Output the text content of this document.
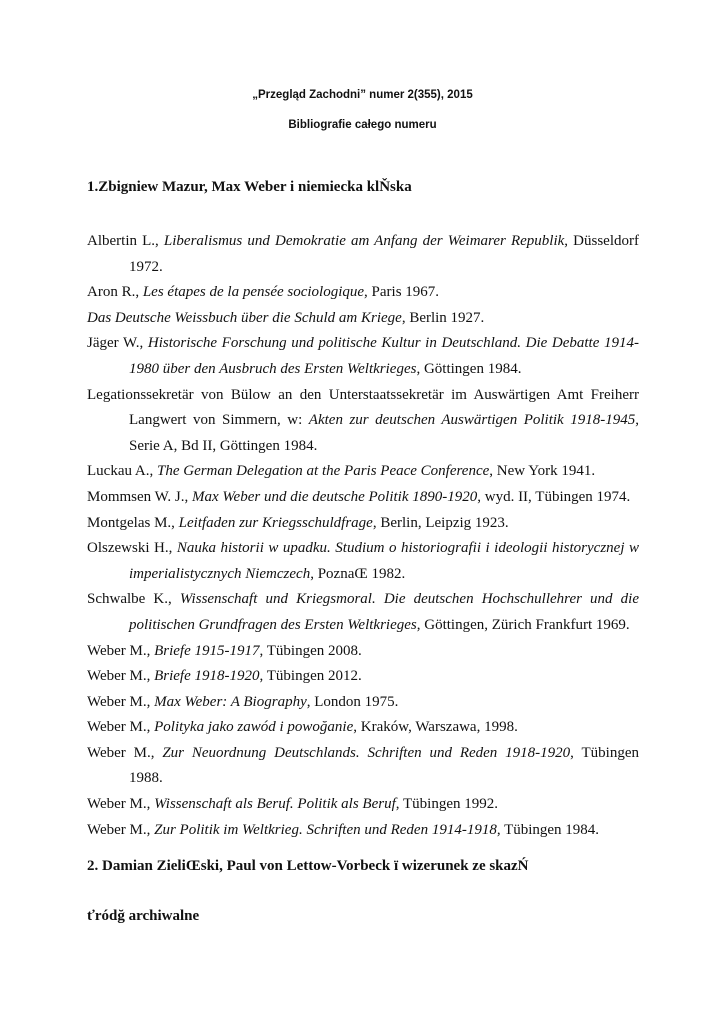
„Przegląd Zachodni” numer 2(355), 2015
Bibliografie całego numeru
1.Zbigniew Mazur, Max Weber i niemiecka klŇska
Albertin L., Liberalismus und Demokratie am Anfang der Weimarer Republik, Düsseldorf 1972.
Aron R., Les étapes de la pensée sociologique, Paris 1967.
Das Deutsche Weissbuch über die Schuld am Kriege, Berlin 1927.
Jäger W., Historische Forschung und politische Kultur in Deutschland. Die Debatte 1914-1980 über den Ausbruch des Ersten Weltkrieges, Göttingen 1984.
Legationssekretär von Bülow an den Unterstaatssekretär im Auswärtigen Amt Freiherr Langwert von Simmern, w: Akten zur deutschen Auswärtigen Politik 1918-1945, Serie A, Bd II, Göttingen 1984.
Luckau A., The German Delegation at the Paris Peace Conference, New York 1941.
Mommsen W. J., Max Weber und die deutsche Politik 1890-1920, wyd. II, Tübingen 1974.
Montgelas M., Leitfaden zur Kriegsschuldfrage, Berlin, Leipzig 1923.
Olszewski H., Nauka historii w upadku. Studium o historiografii i ideologii historycznej w imperialistycznych Niemczech, PoznaŒ 1982.
Schwalbe K., Wissenschaft und Kriegsmoral. Die deutschen Hochschullehrer und die politischen Grundfragen des Ersten Weltkrieges, Göttingen, Zürich Frankfurt 1969.
Weber M., Briefe 1915-1917, Tübingen 2008.
Weber M., Briefe 1918-1920, Tübingen 2012.
Weber M., Max Weber: A Biography, London 1975.
Weber M., Polityka jako zawód i powoğanie, Kraków, Warszawa, 1998.
Weber M., Zur Neuordnung Deutschlands. Schriften und Reden 1918-1920, Tübingen 1988.
Weber M., Wissenschaft als Beruf. Politik als Beruf, Tübingen 1992.
Weber M., Zur Politik im Weltkrieg. Schriften und Reden 1914-1918, Tübingen 1984.
2. Damian ZieliŒski, Paul von Lettow-Vorbeck ï wizerunek ze skazŃ
ťródğ archiwalne
